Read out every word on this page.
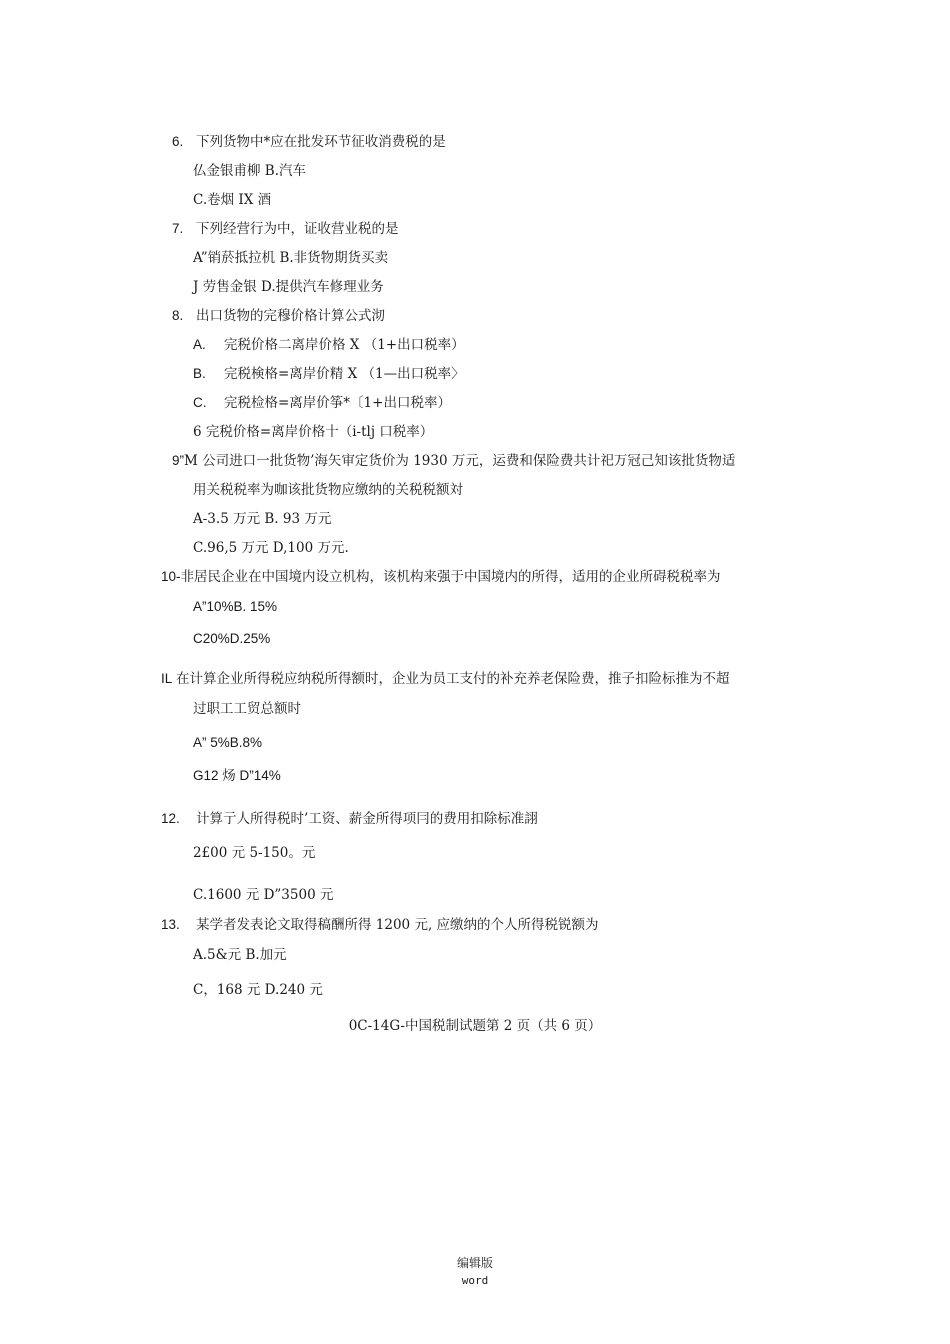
6. 下列货物中*应在批发环节征收消费税的是
仏金银甫柳 B.汽车
C.卷烟 IX 酒
7. 下列经营行为中，证收营业税的是
A”销菸抵拉机 B.非货物期货买卖
J 劳售金银 D.提供汽车修理业务
8. 出口货物的完穆价格计算公式沏
A. 完税价格二离岸价格 X （1+出口税率）
B. 完税検格=离岸价精 X （1—出口税率〉
C. 完税检格=离岸价筝*〔1+出口税率）
6 完税价格=离岸价格十（i-tlj 口税率）
9”M 公司进口一批货物’海矢审定货价为 1930 万元，运费和保险费共计祀万冠己知该批货物适
用关税税率为咖该批货物应缴纳的关税税额対
A-3.5 万元 B. 93 万元
C.96,5 万元 D,100 万元.
10-非居民企业在中国境内设立机构，该机构来强于中国境内的所得，适用的企业所碍税税率为
A”10%B. 15%
C20%D.25%
IL 在计算企业所得税应纳税所得额时，企业为员工支付的补充养老保险费，推子扣险标推为不超
过职工工贸总额时
A” 5%B.8%
G12 炀 D”14%
12. 计算亍人所得税时’工资、薪金所得项冃的费用扣除标准詡
2£00 元 5-150。元
C.1600 元 D”3500 元
13. 某学者发表论文取得稿酬所得 1200 元, 应缴纳的个人所得税锐额为
A.5&元 B.加元
C，168 元 D.240 元
0C-14G-中国税制试题第 2 页（共 6 页）
编辑版
word
